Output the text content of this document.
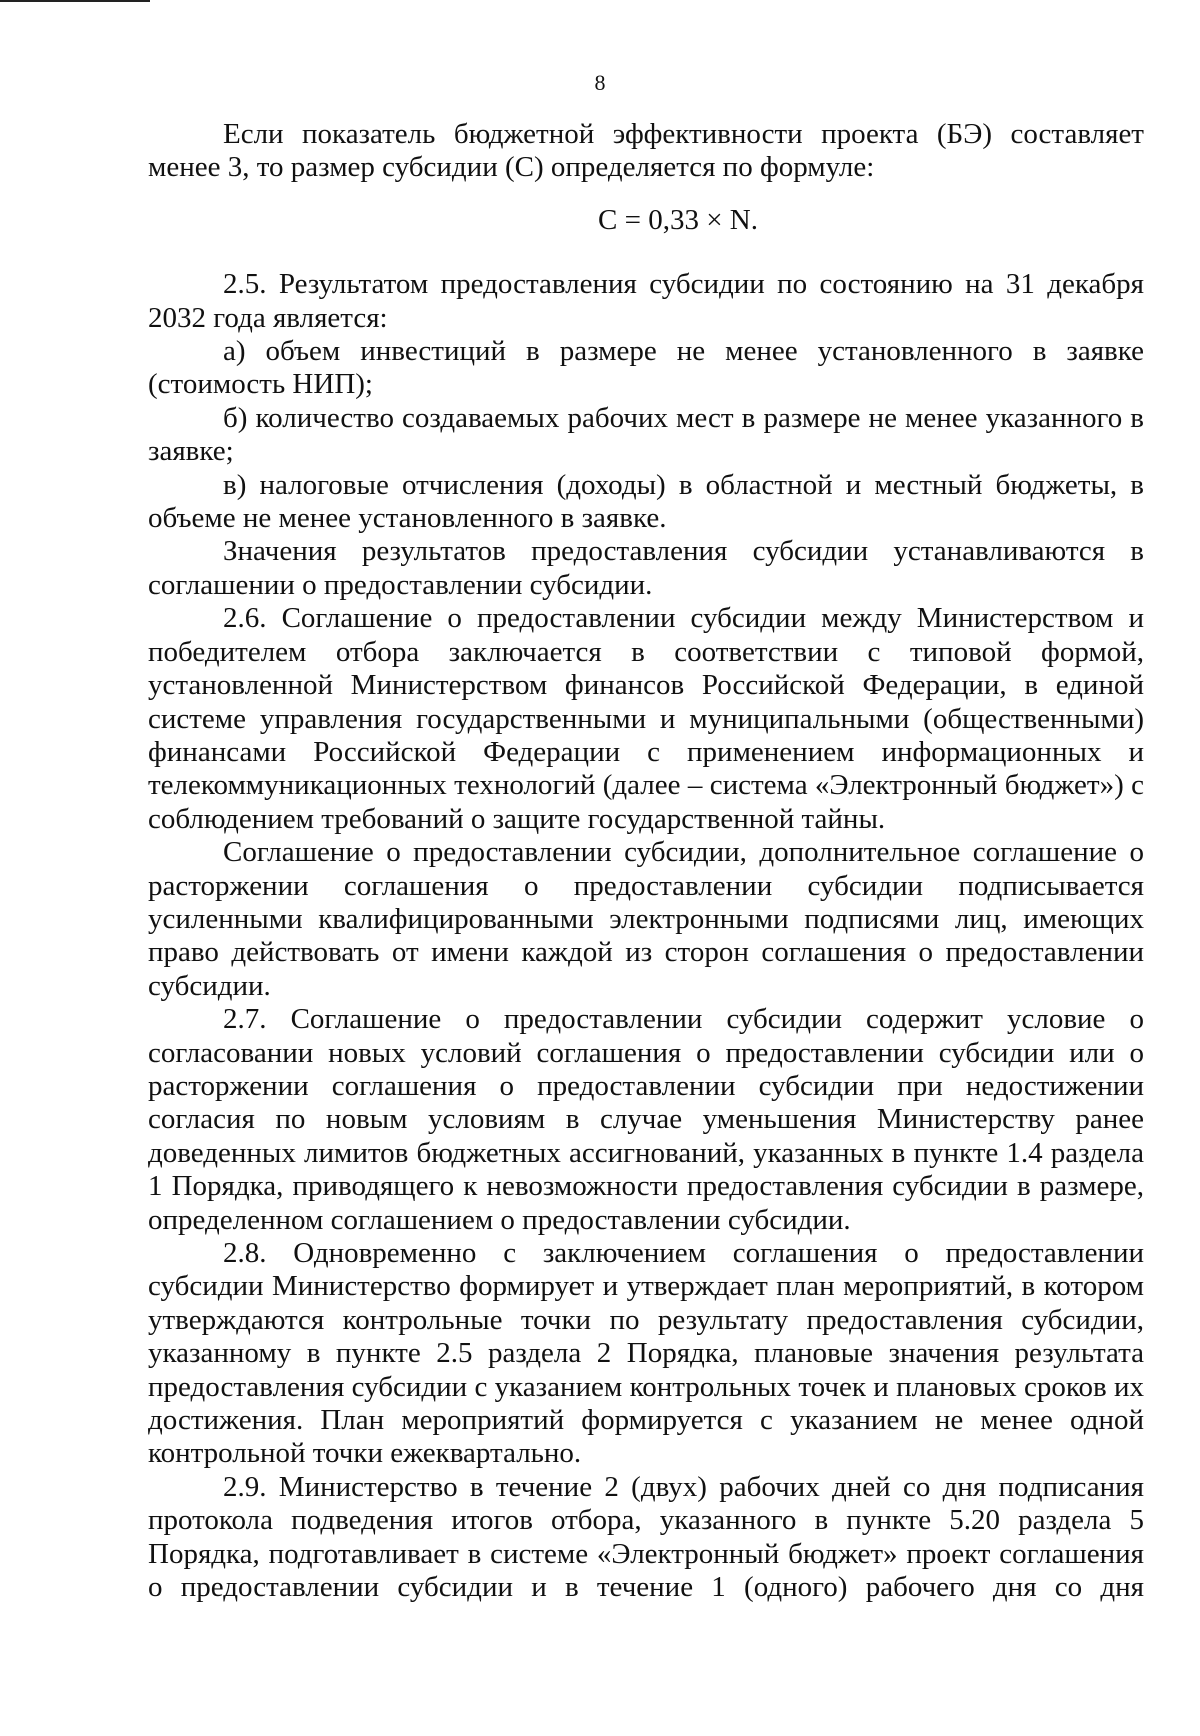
8

Если показатель бюджетной эффективности проекта (БЭ) составляет менее 3, то размер субсидии (С) определяется по формуле:

С = 0,33 × N.

2.5. Результатом предоставления субсидии по состоянию на 31 декабря 2032 года является:

а) объем инвестиций в размере не менее установленного в заявке (стоимость НИП);

б) количество создаваемых рабочих мест в размере не менее указанного в заявке;

в) налоговые отчисления (доходы) в областной и местный бюджеты, в объеме не менее установленного в заявке.

Значения результатов предоставления субсидии устанавливаются в соглашении о предоставлении субсидии.

2.6. Соглашение о предоставлении субсидии между Министерством и победителем отбора заключается в соответствии с типовой формой, установленной Министерством финансов Российской Федерации, в единой системе управления государственными и муниципальными (общественными) финансами Российской Федерации с применением информационных и телекоммуникационных технологий (далее – система «Электронный бюджет») с соблюдением требований о защите государственной тайны.

Соглашение о предоставлении субсидии, дополнительное соглашение о расторжении соглашения о предоставлении субсидии подписывается усиленными квалифицированными электронными подписями лиц, имеющих право действовать от имени каждой из сторон соглашения о предоставлении субсидии.

2.7. Соглашение о предоставлении субсидии содержит условие о согласовании новых условий соглашения о предоставлении субсидии или о расторжении соглашения о предоставлении субсидии при недостижении согласия по новым условиям в случае уменьшения Министерству ранее доведенных лимитов бюджетных ассигнований, указанных в пункте 1.4 раздела 1 Порядка, приводящего к невозможности предоставления субсидии в размере, определенном соглашением о предоставлении субсидии.

2.8. Одновременно с заключением соглашения о предоставлении субсидии Министерство формирует и утверждает план мероприятий, в котором утверждаются контрольные точки по результату предоставления субсидии, указанному в пункте 2.5 раздела 2 Порядка, плановые значения результата предоставления субсидии с указанием контрольных точек и плановых сроков их достижения. План мероприятий формируется с указанием не менее одной контрольной точки ежеквартально.

2.9. Министерство в течение 2 (двух) рабочих дней со дня подписания протокола подведения итогов отбора, указанного в пункте 5.20 раздела 5 Порядка, подготавливает в системе «Электронный бюджет» проект соглашения о предоставлении субсидии и в течение 1 (одного) рабочего дня со дня
